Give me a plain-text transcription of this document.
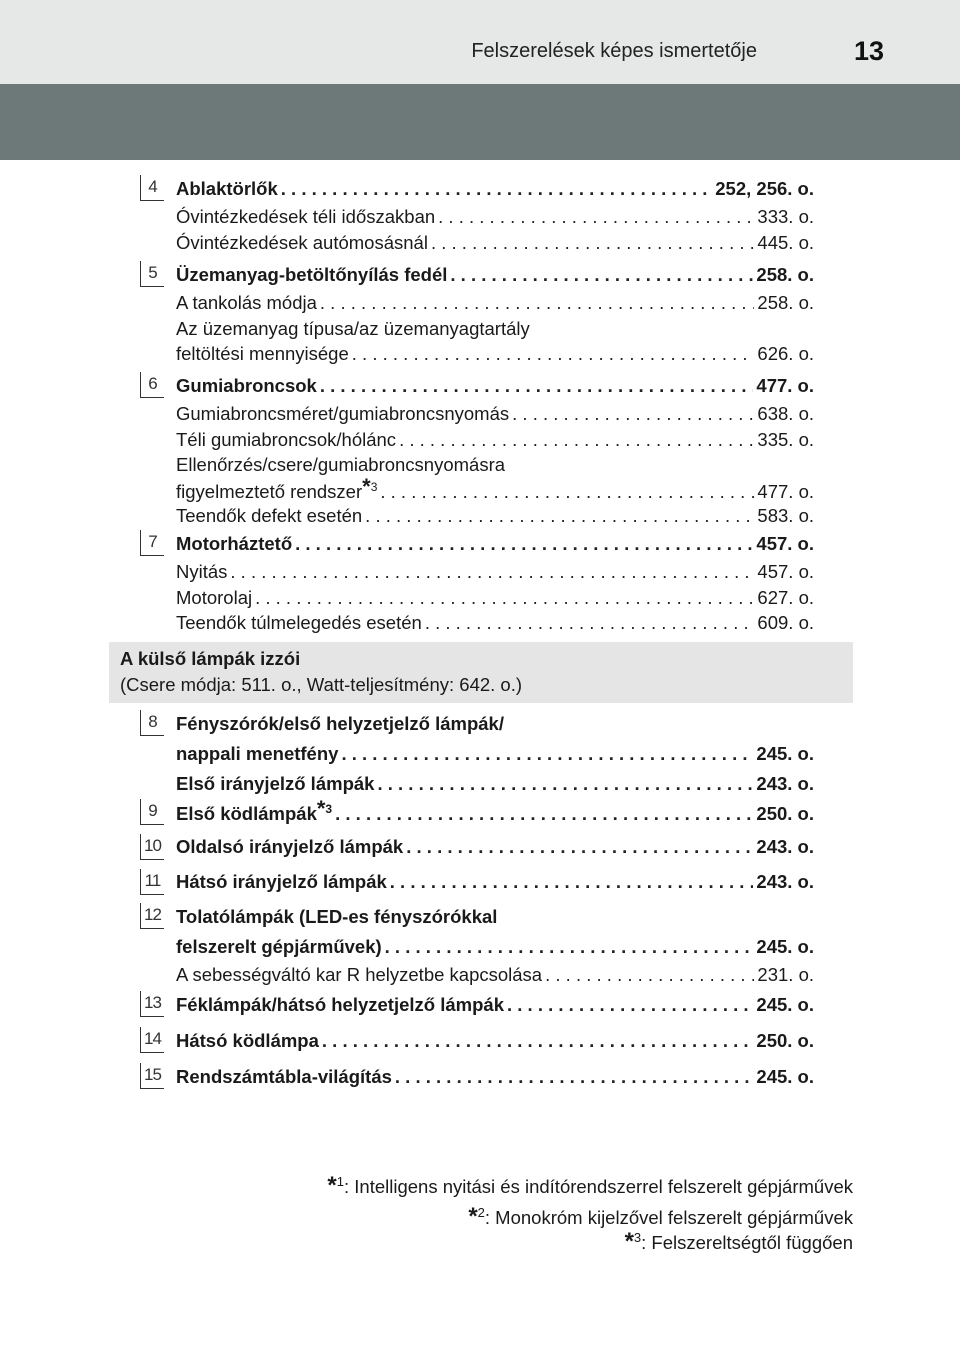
Felszerelések képes ismertetője	13
4	Ablaktörlők . . .	252, 256. o.
Óvintézkedések téli időszakban . . .	333. o.
Óvintézkedések autómosásnál . . .	445. o.
5	Üzemanyag-betöltőnyílás fedél . . .	258. o.
A tankolás módja . . .	258. o.
Az üzemanyag típusa/az üzemanyagtartály
feltöltési mennyisége . . .	626. o.
6	Gumiabroncsok . . .	477. o.
Gumiabroncsméret/gumiabroncsnyomás . . .	638. o.
Téli gumiabroncsok/hólánc . . .	335. o.
Ellenőrzés/csere/gumiabroncsnyomásra
figyelmeztető rendszer*$^3$ . . .	477. o.
Teendők defekt esetén . . .	583. o.
7	Motorháztető . . .	457. o.
Nyitás . . .	457. o.
Motorolaj . . .	627. o.
Teendők túlmelegedés esetén . . .	609. o.
A külső lámpák izzói
(Csere módja: 511. o., Watt-teljesítmény: 642. o.)
8	Fényszórók/első helyzetjelző lámpák/
nappali menetfény . . .	245. o.
Első irányjelző lámpák . . .	243. o.
9	Első ködlámpák*$^3$ . . .	250. o.
10 Oldalsó irányjelző lámpák . . .	243. o.
11 Hátsó irányjelző lámpák . . .	243. o.
12 Tolatólámpák (LED-es fényszórókkal
felszerelt gépjárművek) . . .	245. o.
A sebességváltó kar R helyzetbe kapcsolása . . .	231. o.
13 Féklámpák/hátsó helyzetjelző lámpák . . .	245. o.
14 Hátsó ködlámpa . . .	250. o.
15 Rendszámtábla-világítás . . .	245. o.
*$^1$: Intelligens nyitási és indítórendszerrel felszerelt gépjárművek
*$^2$: Monokróm kijelzővel felszerelt gépjárművek
*$^3$: Felszereltségtől függően
